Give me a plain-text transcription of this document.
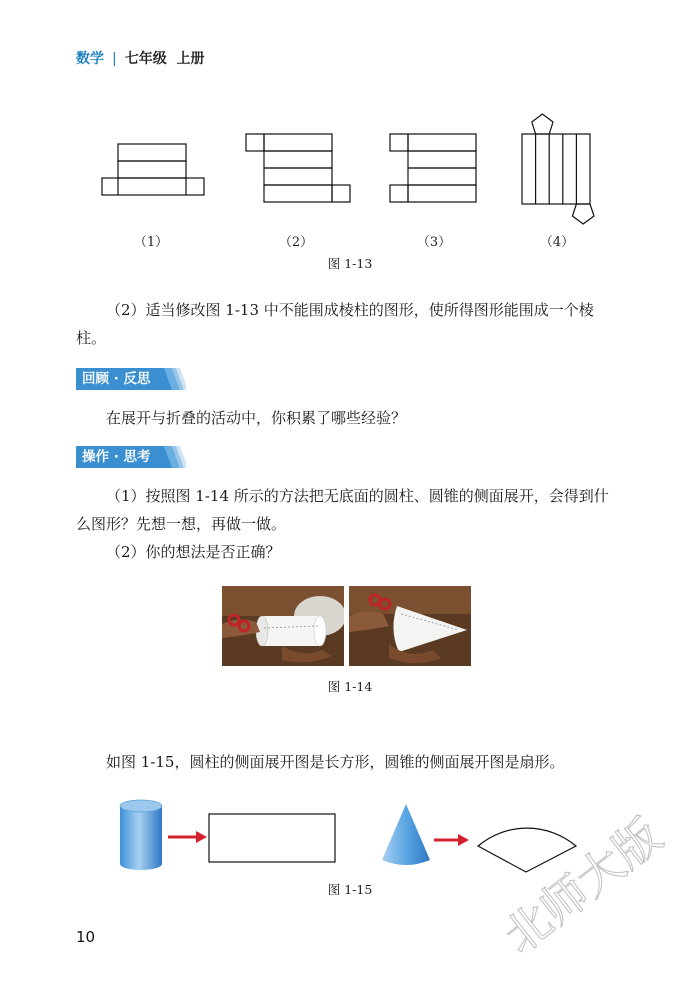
数学 | 七年级 上册
（1）	（2）	（3）	（4）
图 1-13
（2）适当修改图 1-13 中不能围成棱柱的图形，使所得图形能围成一个棱柱。
回顾 · 反思
在展开与折叠的活动中，你积累了哪些经验？
操作 · 思考
（1）按照图 1-14 所示的方法把无底面的圆柱、圆锥的侧面展开，会得到什么图形？先想一想，再做一做。
（2）你的想法是否正确？
图 1-14
如图 1-15，圆柱的侧面展开图是长方形，圆锥的侧面展开图是扇形。
图 1-15
10	北师大版
